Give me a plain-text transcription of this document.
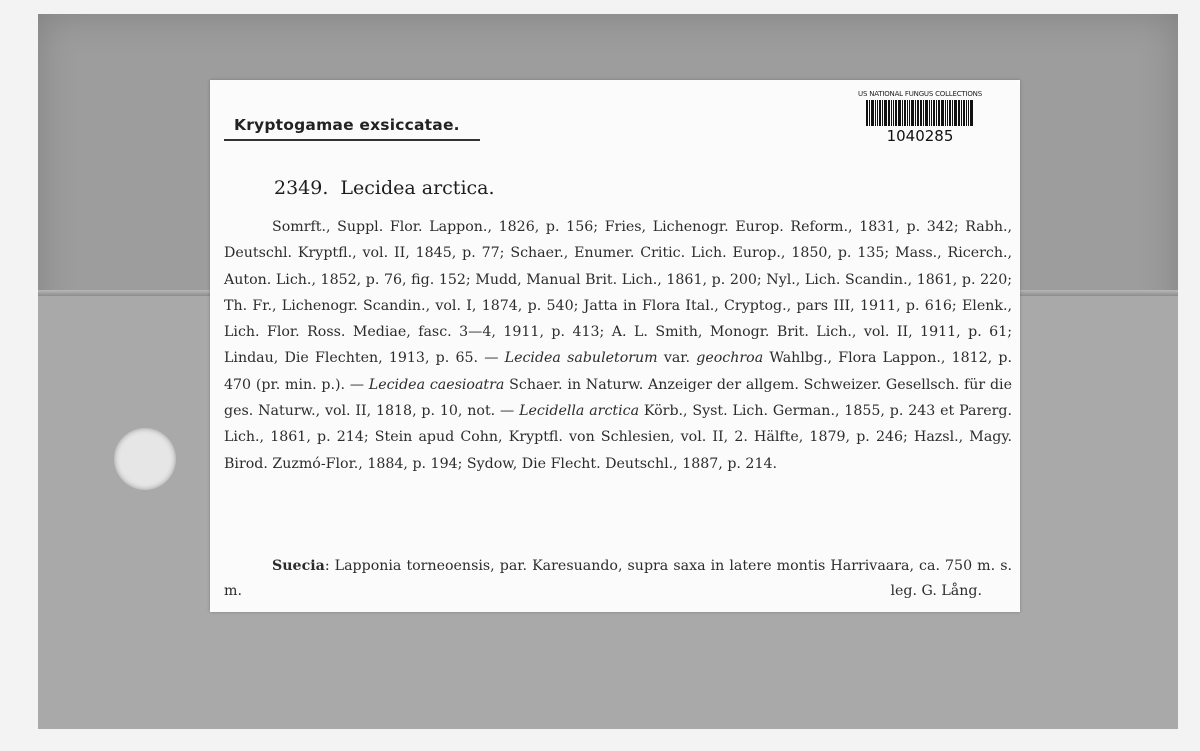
Kryptogamae exsiccatae.
US NATIONAL FUNGUS COLLECTIONS
1040285
2349. Lecidea arctica.
Somrft., Suppl. Flor. Lappon., 1826, p. 156; Fries, Lichenogr. Europ. Reform., 1831, p. 342; Rabh., Deutschl. Kryptfl., vol. II, 1845, p. 77; Schaer., Enumer. Critic. Lich. Europ., 1850, p. 135; Mass., Ricerch., Auton. Lich., 1852, p. 76, fig. 152; Mudd, Manual Brit. Lich., 1861, p. 200; Nyl., Lich. Scandin., 1861, p. 220; Th. Fr., Lichenogr. Scandin., vol. I, 1874, p. 540; Jatta in Flora Ital., Cryptog., pars III, 1911, p. 616; Elenk., Lich. Flor. Ross. Mediae, fasc. 3—4, 1911, p. 413; A. L. Smith, Monogr. Brit. Lich., vol. II, 1911, p. 61; Lindau, Die Flechten, 1913, p. 65. — Lecidea sabuletorum var. geochroa Wahlbg., Flora Lappon., 1812, p. 470 (pr. min. p.). — Lecidea caesioatra Schaer. in Naturw. Anzeiger der allgem. Schweizer. Gesellsch. für die ges. Naturw., vol. II, 1818, p. 10, not. — Lecidella arctica Körb., Syst. Lich. German., 1855, p. 243 et Parerg. Lich., 1861, p. 214; Stein apud Cohn, Kryptfl. von Schlesien, vol. II, 2. Hälfte, 1879, p. 246; Hazsl., Magy. Birod. Zuzmó-Flor., 1884, p. 194; Sydow, Die Flecht. Deutschl., 1887, p. 214.
Suecia: Lapponia torneoensis, par. Karesuando, supra saxa in latere montis Harrivaara, ca. 750 m. s. m.	leg. G. Lång.
